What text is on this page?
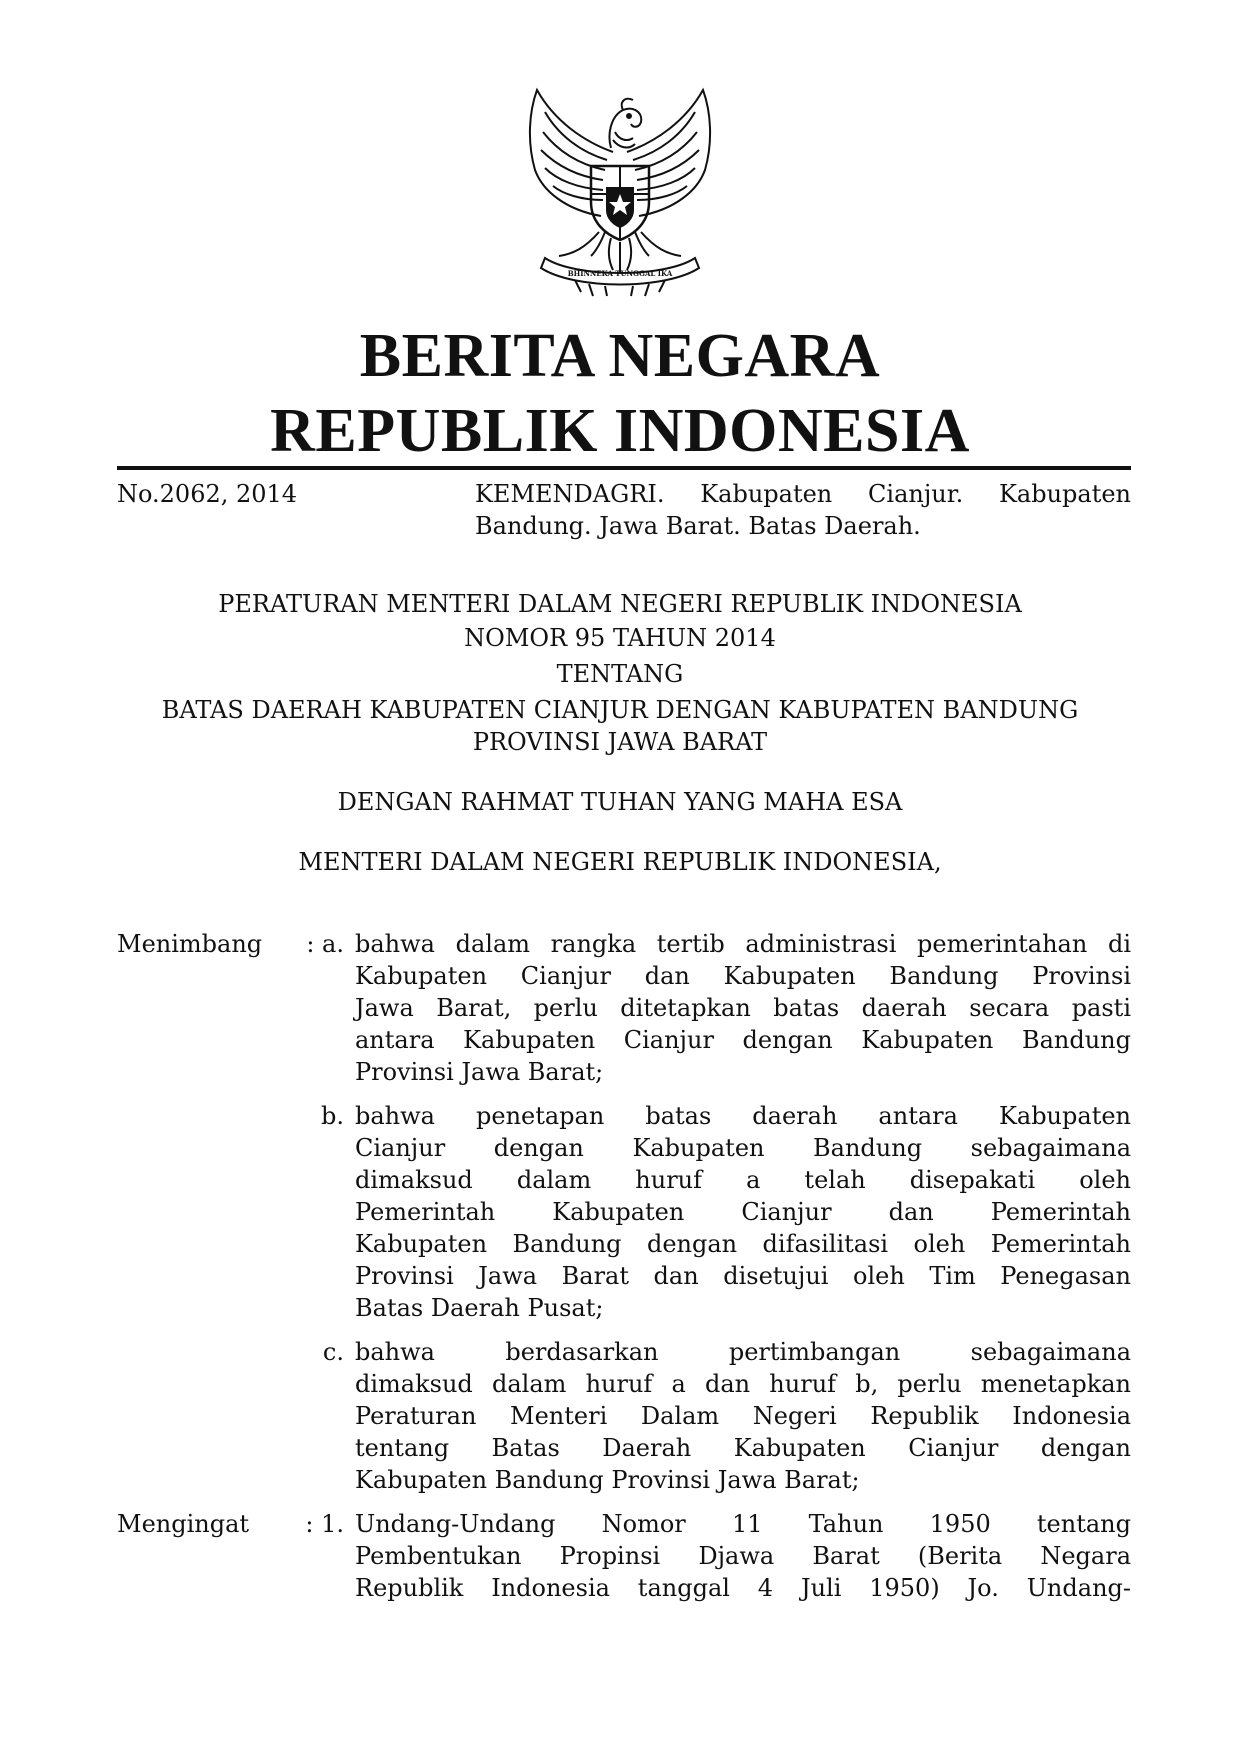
BHINNEKA TUNGGAL IKA
BERITA NEGARA
REPUBLIK INDONESIA
No.2062, 2014	KEMENDAGRI. Kabupaten Cianjur. Kabupaten
Bandung. Jawa Barat. Batas Daerah.
PERATURAN MENTERI DALAM NEGERI REPUBLIK INDONESIA
NOMOR 95 TAHUN 2014
TENTANG
BATAS DAERAH KABUPATEN CIANJUR DENGAN KABUPATEN BANDUNG
PROVINSI JAWA BARAT
DENGAN RAHMAT TUHAN YANG MAHA ESA
MENTERI DALAM NEGERI REPUBLIK INDONESIA,
Menimbang	: a. bahwa dalam rangka tertib administrasi pemerintahan di
Kabupaten Cianjur dan Kabupaten Bandung Provinsi
Jawa Barat, perlu ditetapkan batas daerah secara pasti
antara Kabupaten Cianjur dengan Kabupaten Bandung
Provinsi Jawa Barat;
b. bahwa penetapan batas daerah antara Kabupaten
Cianjur dengan Kabupaten Bandung sebagaimana
dimaksud dalam huruf a telah disepakati oleh
Pemerintah Kabupaten Cianjur dan Pemerintah
Kabupaten Bandung dengan difasilitasi oleh Pemerintah
Provinsi Jawa Barat dan disetujui oleh Tim Penegasan
Batas Daerah Pusat;
c. bahwa berdasarkan pertimbangan sebagaimana
dimaksud dalam huruf a dan huruf b, perlu menetapkan
Peraturan Menteri Dalam Negeri Republik Indonesia
tentang Batas Daerah Kabupaten Cianjur dengan
Kabupaten Bandung Provinsi Jawa Barat;
Mengingat	: 1. Undang-Undang Nomor 11 Tahun 1950 tentang
Pembentukan Propinsi Djawa Barat (Berita Negara
Republik Indonesia tanggal 4 Juli 1950) Jo. Undang-
